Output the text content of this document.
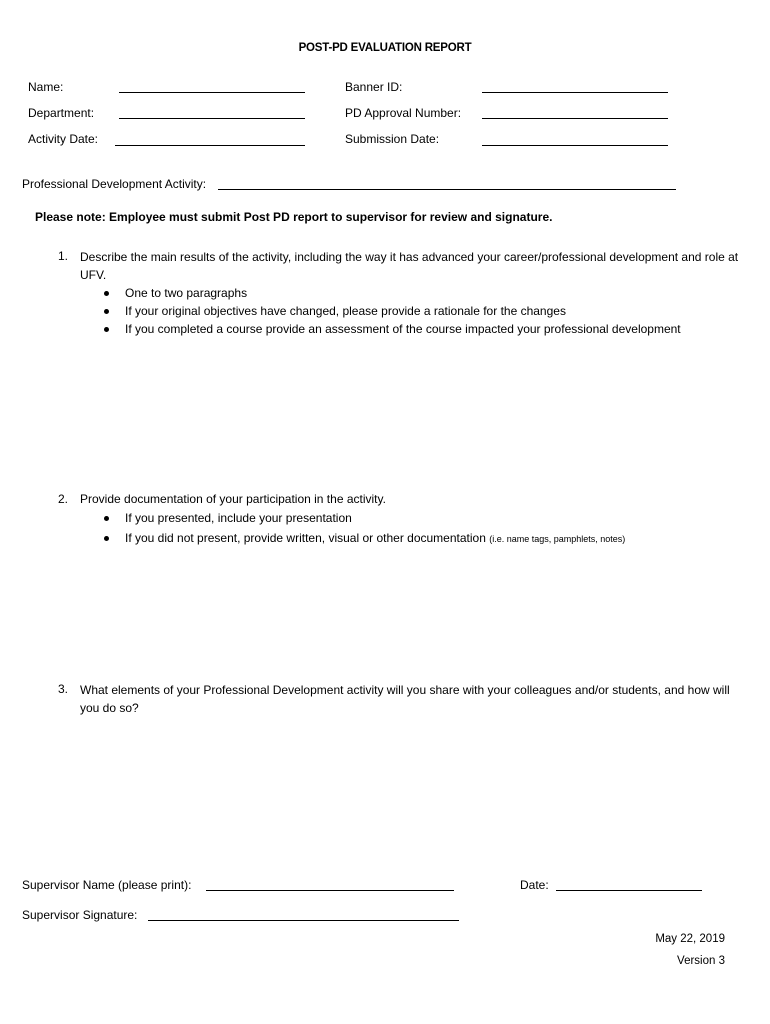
POST-PD EVALUATION REPORT
Name:	Banner ID:
Department:	PD Approval Number:
Activity Date:	Submission Date:
Professional Development Activity:
Please note: Employee must submit Post PD report to supervisor for review and signature.
1. Describe the main results of the activity, including the way it has advanced your career/professional development and role at UFV.
One to two paragraphs
If your original objectives have changed, please provide a rationale for the changes
If you completed a course provide an assessment of the course impacted your professional development
2. Provide documentation of your participation in the activity.
If you presented, include your presentation
If you did not present, provide written, visual or other documentation (i.e. name tags, pamphlets, notes)
3. What elements of your Professional Development activity will you share with your colleagues and/or students, and how will you do so?
Supervisor Name (please print):	Date:
Supervisor Signature:
May 22, 2019
Version 3
